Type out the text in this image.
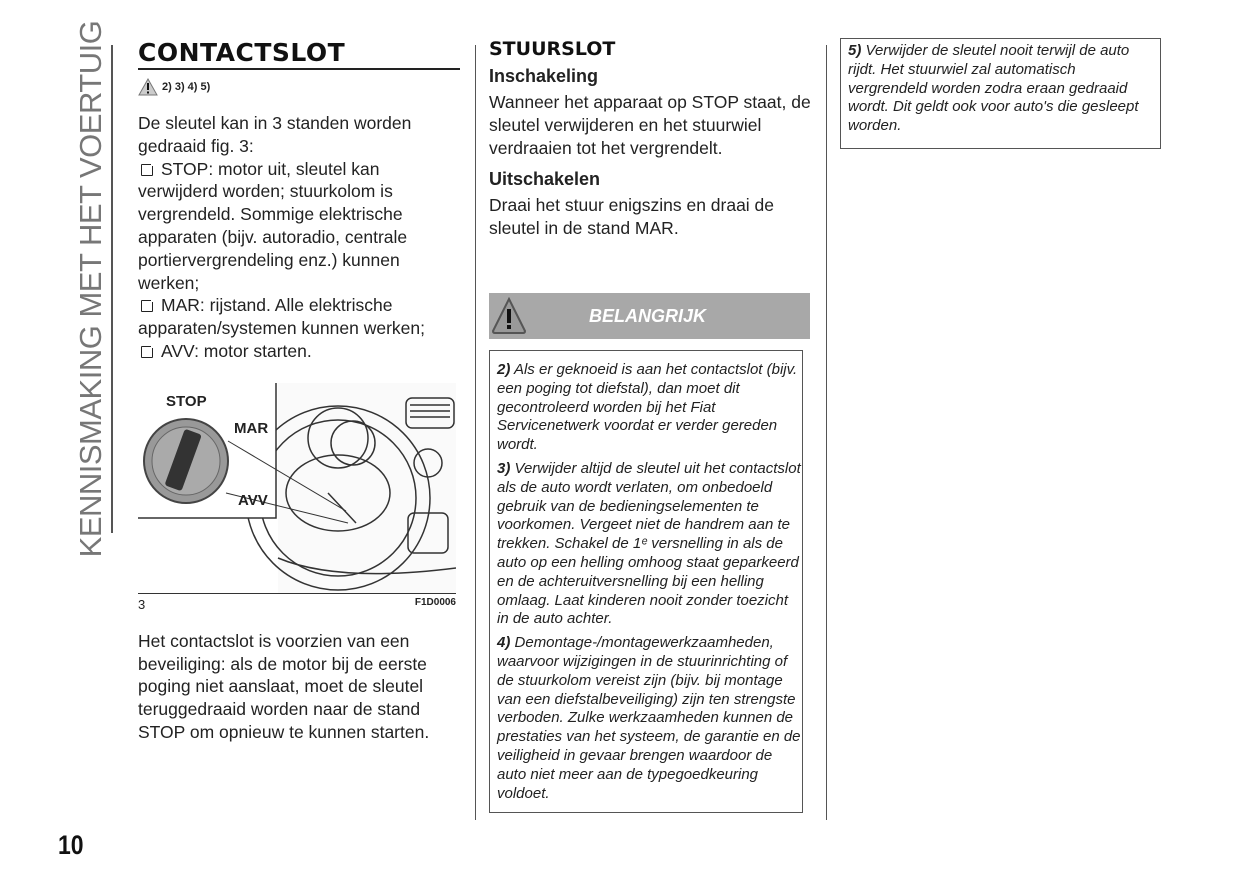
KENNISMAKING MET HET VOERTUIG
10
CONTACTSLOT
2) 3) 4) 5)

De sleutel kan in 3 standen worden gedraaid fig. 3:

STOP: motor uit, sleutel kan verwijderd worden; stuurkolom is vergrendeld. Sommige elektrische apparaten (bijv. autoradio, centrale portiervergrendeling enz.) kunnen werken;

MAR: rijstand. Alle elektrische apparaten/systemen kunnen werken;

AVV: motor starten.

STOP
MAR
AVV
3	F1D0006

Het contactslot is voorzien van een beveiliging: als de motor bij de eerste poging niet aanslaat, moet de sleutel teruggedraaid worden naar de stand STOP om opnieuw te kunnen starten.

STUURSLOT
Inschakeling

Wanneer het apparaat op STOP staat, de sleutel verwijderen en het stuurwiel verdraaien tot het vergrendelt.

Uitschakelen

Draai het stuur enigszins en draai de sleutel in de stand MAR.

BELANGRIJK
2) Als er geknoeid is aan het contactslot (bijv. een poging tot diefstal), dan moet dit gecontroleerd worden bij het Fiat Servicenetwerk voordat er verder gereden wordt.
3) Verwijder altijd de sleutel uit het contactslot als de auto wordt verlaten, om onbedoeld gebruik van de bedieningselementen te voorkomen. Vergeet niet de handrem aan te trekken. Schakel de 1ᵉ versnelling in als de auto op een helling omhoog staat geparkeerd en de achteruitversnelling bij een helling omlaag. Laat kinderen nooit zonder toezicht in de auto achter.
4) Demontage-/montagewerkzaamheden, waarvoor wijzigingen in de stuurinrichting of de stuurkolom vereist zijn (bijv. bij montage van een diefstalbeveiliging) zijn ten strengste verboden. Zulke werkzaamheden kunnen de prestaties van het systeem, de garantie en de veiligheid in gevaar brengen waardoor de auto niet meer aan de typegoedkeuring voldoet.
5) Verwijder de sleutel nooit terwijl de auto rijdt. Het stuurwiel zal automatisch vergrendeld worden zodra eraan gedraaid wordt. Dit geldt ook voor auto's die gesleept worden.
